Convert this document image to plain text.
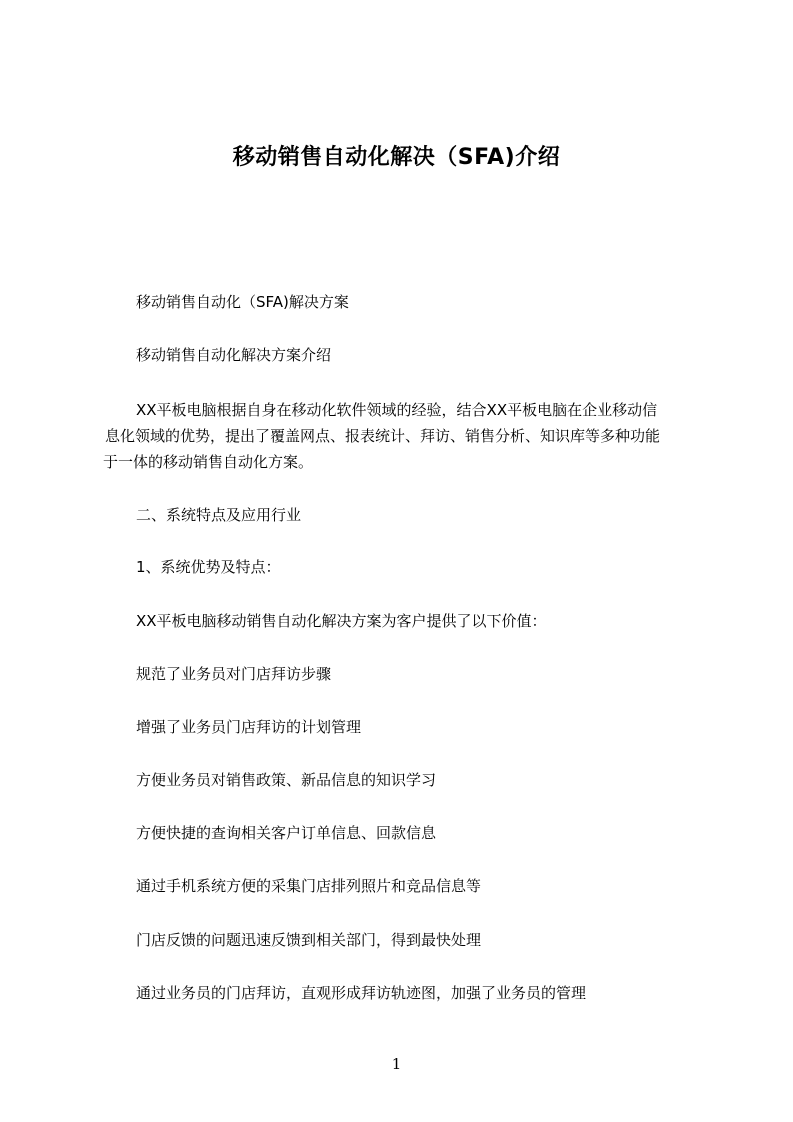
移动销售自动化解决（SFA)介绍
移动销售自动化（SFA)解决方案
移动销售自动化解决方案介绍
XX平板电脑根据自身在移动化软件领域的经验，结合XX平板电脑在企业移动信
息化领域的优势，提出了覆盖网点、报表统计、拜访、销售分析、知识库等多种功能
于一体的移动销售自动化方案。
二、系统特点及应用行业
1、系统优势及特点：
XX平板电脑移动销售自动化解决方案为客户提供了以下价值：
规范了业务员对门店拜访步骤
增强了业务员门店拜访的计划管理
方便业务员对销售政策、新品信息的知识学习
方便快捷的查询相关客户订单信息、回款信息
通过手机系统方便的采集门店排列照片和竞品信息等
门店反馈的问题迅速反馈到相关部门，得到最快处理
通过业务员的门店拜访，直观形成拜访轨迹图，加强了业务员的管理
1
